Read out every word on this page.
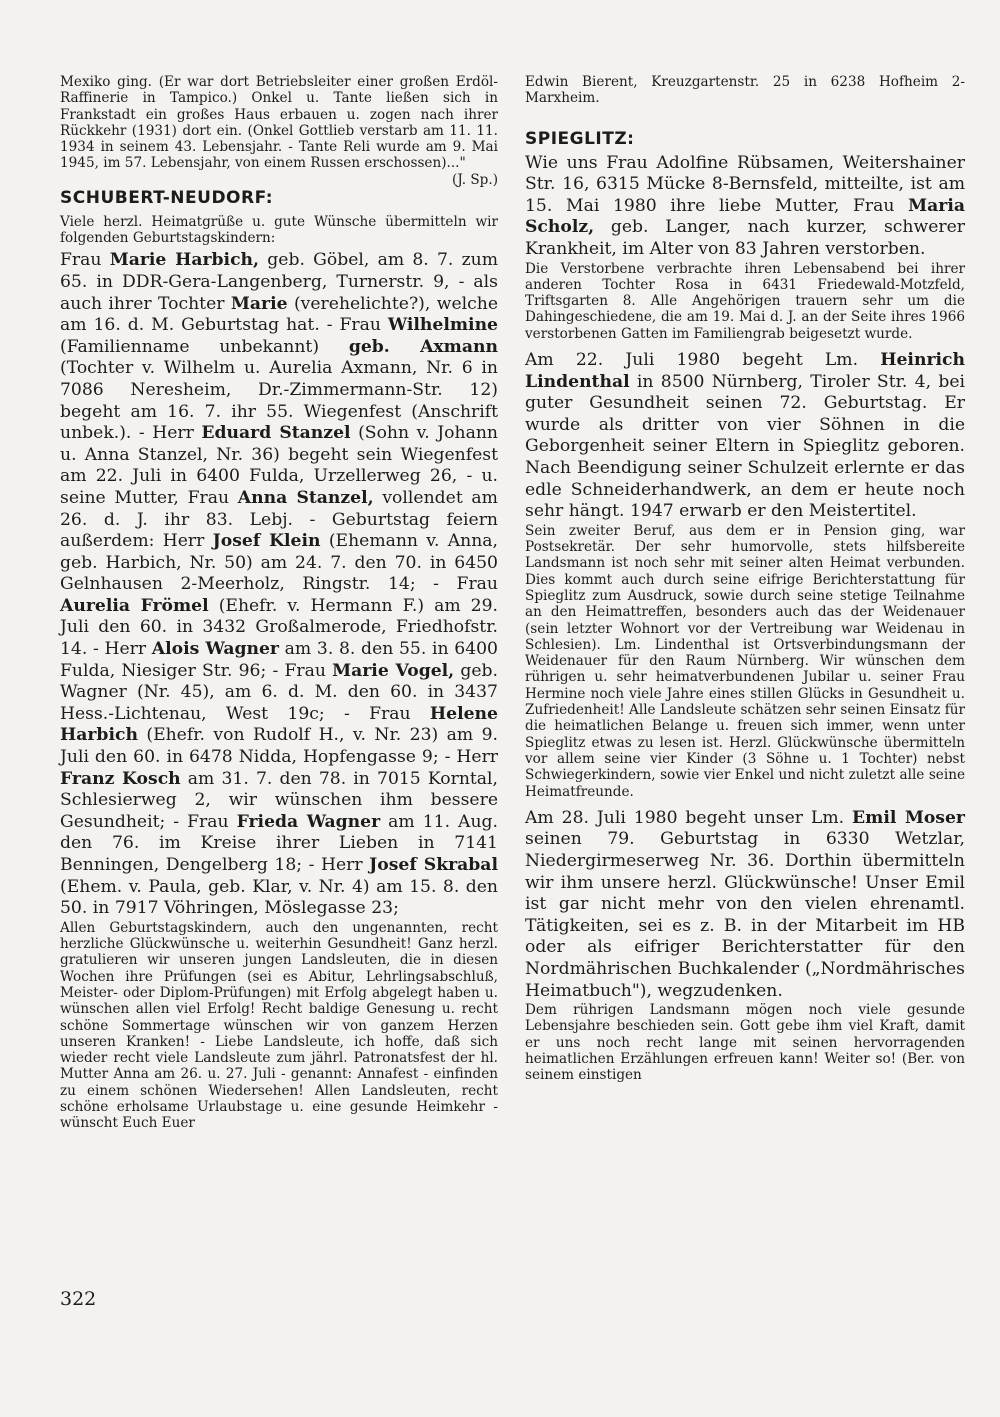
Mexiko ging. (Er war dort Betriebsleiter einer großen Erdöl-Raffinerie in Tampico.) Onkel u. Tante ließen sich in Frankstadt ein großes Haus erbauen u. zogen nach ihrer Rückkehr (1931) dort ein. (Onkel Gottlieb verstarb am 11. 11. 1934 in seinem 43. Lebensjahr. - Tante Reli wurde am 9. Mai 1945, im 57. Lebensjahr, von einem Russen erschossen)..."

(J. Sp.)
SCHUBERT-NEUDORF:

Viele herzl. Heimatgrüße u. gute Wünsche übermitteln wir folgenden Geburtstagskindern:

Frau Marie Harbich, geb. Göbel, am 8. 7. zum 65. in DDR-Gera-Langenberg, Turnerstr. 9, - als auch ihrer Tochter Marie (verehelichte?), welche am 16. d. M. Geburtstag hat. - Frau Wilhelmine (Familienname unbekannt) geb. Axmann (Tochter v. Wilhelm u. Aurelia Axmann, Nr. 6 in 7086 Neresheim, Dr.-Zimmermann-Str. 12) begeht am 16. 7. ihr 55. Wiegenfest (Anschrift unbek.). - Herr Eduard Stanzel (Sohn v. Johann u. Anna Stanzel, Nr. 36) begeht sein Wiegenfest am 22. Juli in 6400 Fulda, Urzellerweg 26, - u. seine Mutter, Frau Anna Stanzel, vollendet am 26. d. J. ihr 83. Lebj. - Geburtstag feiern außerdem: Herr Josef Klein (Ehemann v. Anna, geb. Harbich, Nr. 50) am 24. 7. den 70. in 6450 Gelnhausen 2-Meerholz, Ringstr. 14; - Frau Aurelia Frömel (Ehefr. v. Hermann F.) am 29. Juli den 60. in 3432 Großalmerode, Friedhofstr. 14. - Herr Alois Wagner am 3. 8. den 55. in 6400 Fulda, Niesiger Str. 96; - Frau Marie Vogel, geb. Wagner (Nr. 45), am 6. d. M. den 60. in 3437 Hess.-Lichtenau, West 19c; - Frau Helene Harbich (Ehefr. von Rudolf H., v. Nr. 23) am 9. Juli den 60. in 6478 Nidda, Hopfengasse 9; - Herr Franz Kosch am 31. 7. den 78. in 7015 Korntal, Schlesierweg 2, wir wünschen ihm bessere Gesundheit; - Frau Frieda Wagner am 11. Aug. den 76. im Kreise ihrer Lieben in 7141 Benningen, Dengelberg 18; - Herr Josef Skrabal (Ehem. v. Paula, geb. Klar, v. Nr. 4) am 15. 8. den 50. in 7917 Vöhringen, Möslegasse 23;

Allen Geburtstagskindern, auch den ungenannten, recht herzliche Glückwünsche u. weiterhin Gesundheit! Ganz herzl. gratulieren wir unseren jungen Landsleuten, die in diesen Wochen ihre Prüfungen (sei es Abitur, Lehrlingsabschluß, Meister- oder Diplom-Prüfungen) mit Erfolg abgelegt haben u. wünschen allen viel Erfolg! Recht baldige Genesung u. recht schöne Sommertage wünschen wir von ganzem Herzen unseren Kranken! - Liebe Landsleute, ich hoffe, daß sich wieder recht viele Landsleute zum jährl. Patronatsfest der hl. Mutter Anna am 26. u. 27. Juli - genannt: Annafest - einfinden zu einem schönen Wiedersehen! Allen Landsleuten, recht schöne erholsame Urlaubstage u. eine gesunde Heimkehr - wünscht Euch Euer

Edwin Bierent, Kreuzgartenstr. 25 in 6238 Hofheim 2-Marxheim.

SPIEGLITZ:

Wie uns Frau Adolfine Rübsamen, Weitershainer Str. 16, 6315 Mücke 8-Bernsfeld, mitteilte, ist am 15. Mai 1980 ihre liebe Mutter, Frau Maria Scholz, geb. Langer, nach kurzer, schwerer Krankheit, im Alter von 83 Jahren verstorben.

Die Verstorbene verbrachte ihren Lebensabend bei ihrer anderen Tochter Rosa in 6431 Friedewald-Motzfeld, Triftsgarten 8. Alle Angehörigen trauern sehr um die Dahingeschiedene, die am 19. Mai d. J. an der Seite ihres 1966 verstorbenen Gatten im Familiengrab beigesetzt wurde.

Am 22. Juli 1980 begeht Lm. Heinrich Lindenthal in 8500 Nürnberg, Tiroler Str. 4, bei guter Gesundheit seinen 72. Geburtstag. Er wurde als dritter von vier Söhnen in die Geborgenheit seiner Eltern in Spieglitz geboren. Nach Beendigung seiner Schulzeit erlernte er das edle Schneiderhandwerk, an dem er heute noch sehr hängt. 1947 erwarb er den Meistertitel.

Sein zweiter Beruf, aus dem er in Pension ging, war Postsekretär. Der sehr humorvolle, stets hilfsbereite Landsmann ist noch sehr mit seiner alten Heimat verbunden. Dies kommt auch durch seine eifrige Berichterstattung für Spieglitz zum Ausdruck, sowie durch seine stetige Teilnahme an den Heimattreffen, besonders auch das der Weidenauer (sein letzter Wohnort vor der Vertreibung war Weidenau in Schlesien). Lm. Lindenthal ist Ortsverbindungsmann der Weidenauer für den Raum Nürnberg. Wir wünschen dem rührigen u. sehr heimatverbundenen Jubilar u. seiner Frau Hermine noch viele Jahre eines stillen Glücks in Gesundheit u. Zufriedenheit! Alle Landsleute schätzen sehr seinen Einsatz für die heimatlichen Belange u. freuen sich immer, wenn unter Spieglitz etwas zu lesen ist. Herzl. Glückwünsche übermitteln vor allem seine vier Kinder (3 Söhne u. 1 Tochter) nebst Schwiegerkindern, sowie vier Enkel und nicht zuletzt alle seine Heimatfreunde.

Am 28. Juli 1980 begeht unser Lm. Emil Moser seinen 79. Geburtstag in 6330 Wetzlar, Niedergirmeserweg Nr. 36. Dorthin übermitteln wir ihm unsere herzl. Glückwünsche! Unser Emil ist gar nicht mehr von den vielen ehrenamtl. Tätigkeiten, sei es z. B. in der Mitarbeit im HB oder als eifriger Berichterstatter für den Nordmährischen Buchkalender („Nordmährisches Heimatbuch"), wegzudenken.

Dem rührigen Landsmann mögen noch viele gesunde Lebensjahre beschieden sein. Gott gebe ihm viel Kraft, damit er uns noch recht lange mit seinen hervorragenden heimatlichen Erzählungen erfreuen kann! Weiter so! (Ber. von seinem einstigen

322
